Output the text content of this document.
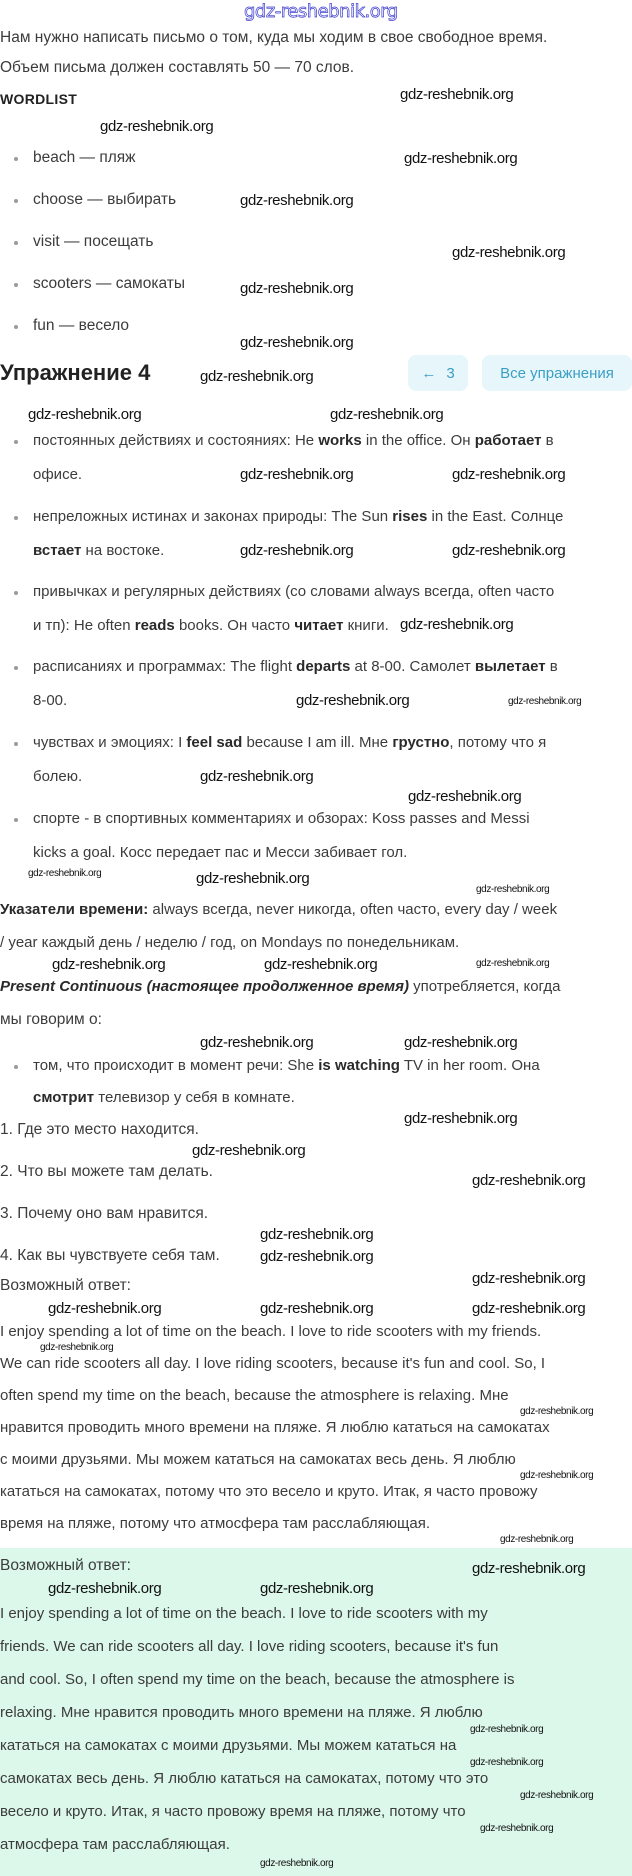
gdz-reshebnik.org
Нам нужно написать письмо о том, куда мы ходим в свое свободное время.
Объем письма должен составлять 50 — 70 слов.
WORDLIST
beach — пляж
choose — выбирать
visit — посещать
scooters — самокаты
fun — весело
Упражнение 4	← 3	Все упражнения
постоянных действиях и состояниях: He works in the office. Он работает в
офисе.
непреложных истинах и законах природы: The Sun rises in the East. Солнце
встает на востоке.
привычках и регулярных действиях (со словами always всегда, often часто
и тп): He often reads books. Он часто читает книги.
расписаниях и программах: The flight departs at 8-00. Самолет вылетает в
8-00.
чувствах и эмоциях: I feel sad because I am ill. Мне грустно, потому что я
болею.
спорте - в спортивных комментариях и обзорах: Koss passes and Messi
kicks a goal. Косс передает пас и Месси забивает гол.
Указатели времени: always всегда, never никогда, often часто, every day / week
/ year каждый день / неделю / год, on Mondays по понедельникам.
Present Continuous (настоящее продолженное время) употребляется, когда
мы говорим о:
том, что происходит в момент речи: She is watching TV in her room. Она
смотрит телевизор у себя в комнате.
1. Где это место находится.
2. Что вы можете там делать.
3. Почему оно вам нравится.
4. Как вы чувствуете себя там.
Возможный ответ:
I enjoy spending a lot of time on the beach. I love to ride scooters with my friends.
We can ride scooters all day. I love riding scooters, because it's fun and cool. So, I
often spend my time on the beach, because the atmosphere is relaxing. Мне
нравится проводить много времени на пляже. Я люблю кататься на самокатах
с моими друзьями. Мы можем кататься на самокатах весь день. Я люблю
кататься на самокатах, потому что это весело и круто. Итак, я часто провожу
время на пляже, потому что атмосфера там расслабляющая.
Возможный ответ:
I enjoy spending a lot of time on the beach. I love to ride scooters with my
friends. We can ride scooters all day. I love riding scooters, because it's fun
and cool. So, I often spend my time on the beach, because the atmosphere is
relaxing. Мне нравится проводить много времени на пляже. Я люблю
кататься на самокатах с моими друзьями. Мы можем кататься на
самокатах весь день. Я люблю кататься на самокатах, потому что это
весело и круто. Итак, я часто провожу время на пляже, потому что
атмосфера там расслабляющая.
gdz-reshebnik.org
gdz-reshebnik.org
gdz-reshebnik.org
gdz-reshebnik.org
gdz-reshebnik.org
gdz-reshebnik.org
gdz-reshebnik.org
gdz-reshebnik.org
gdz-reshebnik.org	gdz-reshebnik.org
gdz-reshebnik.org	gdz-reshebnik.org
gdz-reshebnik.org	gdz-reshebnik.org
gdz-reshebnik.org
gdz-reshebnik.org	gdz-reshebnik.org
gdz-reshebnik.org
gdz-reshebnik.org
gdz-reshebnik.org	gdz-reshebnik.org
gdz-reshebnik.org
gdz-reshebnik.org	gdz-reshebnik.org	gdz-reshebnik.org
gdz-reshebnik.org	gdz-reshebnik.org
gdz-reshebnik.org
gdz-reshebnik.org
gdz-reshebnik.org
gdz-reshebnik.org
gdz-reshebnik.org
gdz-reshebnik.org
gdz-reshebnik.org	gdz-reshebnik.org	gdz-reshebnik.org
gdz-reshebnik.org
gdz-reshebnik.org
gdz-reshebnik.org
gdz-reshebnik.org
gdz-reshebnik.org
gdz-reshebnik.org	gdz-reshebnik.org
gdz-reshebnik.org
gdz-reshebnik.org
gdz-reshebnik.org
gdz-reshebnik.org
gdz-reshebnik.org
